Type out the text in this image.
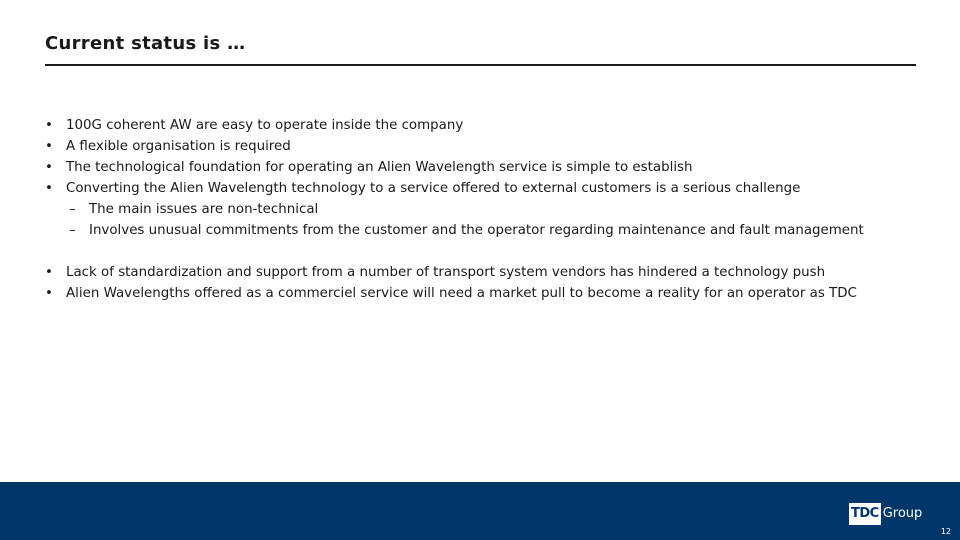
Current status is …
• 100G coherent AW are easy to operate inside the company
• A flexible organisation is required
• The technological foundation for operating an Alien Wavelength service is simple to establish
• Converting the Alien Wavelength technology to a service offered to external customers is a serious challenge
– The main issues are non-technical
– Involves unusual commitments from the customer and the operator regarding maintenance and fault management
• Lack of standardization and support from a number of transport system vendors has hindered a technology push
• Alien Wavelengths offered as a commerciel service will need a market pull to become a reality for an operator as TDC
TDC Group
12
